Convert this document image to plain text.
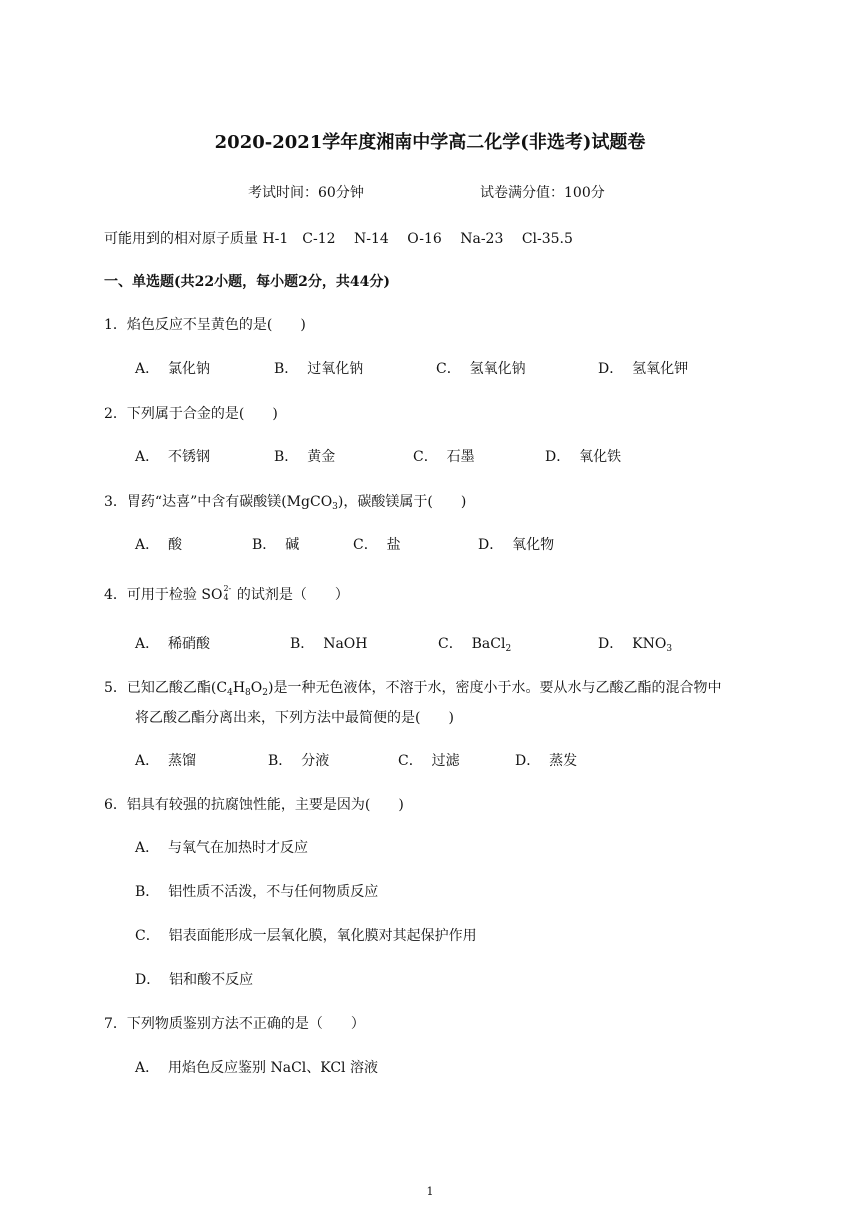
2020-2021学年度湘南中学高二化学(非选考)试题卷
考试时间：60分钟	试卷满分值：100分
可能用到的相对原子质量 H-1　C-12　 N-14　 O-16　 Na-23　 Cl-35.5
一、单选题(共22小题，每小题2分，共44分)
1．焰色反应不呈黄色的是(　　)
A． 氯化钠	B． 过氧化钠	C． 氢氧化钠	D． 氢氧化钾
2．下列属于合金的是(　　)
A． 不锈钢	B． 黄金	C． 石墨	D． 氧化铁
3．胃药“达喜”中含有碳酸镁(MgCO$_3$)，碳酸镁属于(　　)
A． 酸	B． 碱	C． 盐	D． 氧化物
4．可用于检验 SO 2-
4 的试剂是（　　）
A． 稀硝酸	B． NaOH	C． BaCl$_2$	D． $KNO_3$
5．已知乙酸乙酯$(C_4H_8O_2)$是一种无色液体，不溶于水，密度小于水。要从水与乙酸乙酯的混合物中
将乙酸乙酯分离出来，下列方法中最简便的是(　　)
A． 蒸馏	B． 分液	C． 过滤	D． 蒸发
6．铝具有较强的抗腐蚀性能，主要是因为(　　)
A． 与氧气在加热时才反应
B． 铝性质不活泼，不与任何物质反应
C． 铝表面能形成一层氧化膜，氧化膜对其起保护作用
D． 铝和酸不反应
7．下列物质鉴别方法不正确的是（　　）
A． 用焰色反应鉴别 NaCl、KCl 溶液
1
